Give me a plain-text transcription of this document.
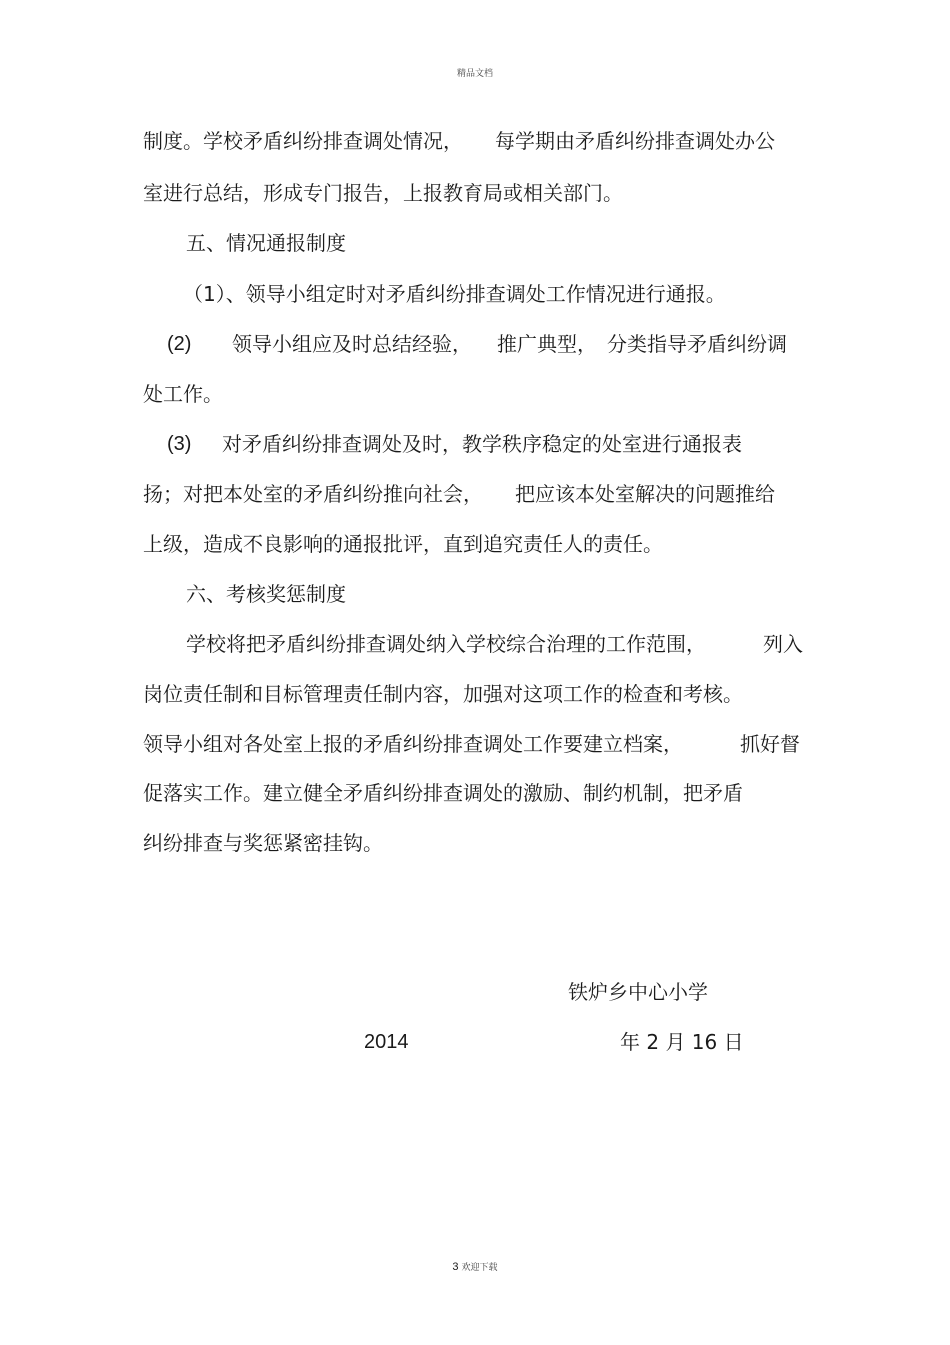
精品文档
制度。学校矛盾纠纷排查调处情况， 每学期由矛盾纠纷排查调处办公
室进行总结，形成专门报告，上报教育局或相关部门。
五、情况通报制度
（1）、领导小组定时对矛盾纠纷排查调处工作情况进行通报。
(2) 领导小组应及时总结经验， 推广典型， 分类指导矛盾纠纷调
处工作。
(3) 对矛盾纠纷排查调处及时，教学秩序稳定的处室进行通报表
扬；对把本处室的矛盾纠纷推向社会， 把应该本处室解决的问题推给
上级，造成不良影响的通报批评，直到追究责任人的责任。
六、考核奖惩制度
学校将把矛盾纠纷排查调处纳入学校综合治理的工作范围，	列入
岗位责任制和目标管理责任制内容，加强对这项工作的检查和考核。
领导小组对各处室上报的矛盾纠纷排查调处工作要建立档案，	抓好督
促落实工作。建立健全矛盾纠纷排查调处的激励、制约机制，把矛盾
纠纷排查与奖惩紧密挂钩。
铁炉乡中心小学
2014	年 2 月 16 日
3 欢迎下载
